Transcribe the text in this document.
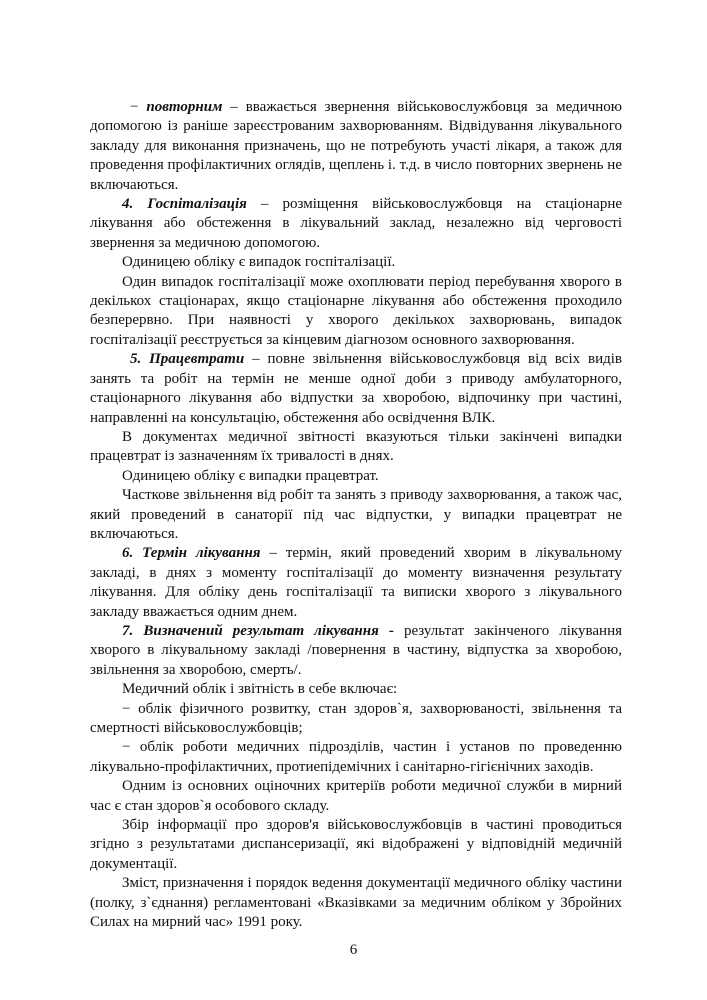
− повторним – вважається звернення військовослужбовця за медичною допомогою із раніше зареєстрованим захворюванням. Відвідування лікувального закладу для виконання призначень, що не потребують участі лікаря, а також для проведення профілактичних оглядів, щеплень і. т.д. в число повторних звернень не включаються.

4. Госпіталізація – розміщення військовослужбовця на стаціонарне лікування або обстеження в лікувальний заклад, незалежно від черговості звернення за медичною допомогою.

Одиницею обліку є випадок госпіталізації.

Один випадок госпіталізації може охоплювати період перебування хворого в декількох стаціонарах, якщо стаціонарне лікування або обстеження проходило безперервно. При наявності у хворого декількох захворювань, випадок госпіталізації реєструється за кінцевим діагнозом основного захворювання.

5. Працевтрати – повне звільнення військовослужбовця від всіх видів занять та робіт на термін не менше одної доби з приводу амбулаторного, стаціонарного лікування або відпустки за хворобою, відпочинку при частині, направленні на консультацію, обстеження або освідчення ВЛК.

В документах медичної звітності вказуються тільки закінчені випадки працевтрат із зазначенням їх тривалості в днях.

Одиницею обліку є випадки працевтрат.

Часткове звільнення від робіт та занять з приводу захворювання, а також час, який проведений в санаторії під час відпустки, у випадки працевтрат не включаються.

6. Термін лікування – термін, який проведений хворим в лікувальному закладі, в днях з моменту госпіталізації до моменту визначення результату лікування. Для обліку день госпіталізації та виписки хворого з лікувального закладу вважається одним днем.

7. Визначений результат лікування - результат закінченого лікування хворого в лікувальному закладі /повернення в частину, відпустка за хворобою, звільнення за хворобою, смерть/.

Медичний облік і звітність в себе включає:

− облік фізичного розвитку, стан здоров`я, захворюваності, звільнення та смертності військовослужбовців;

− облік роботи медичних підрозділів, частин і установ по проведенню лікувально-профілактичних, протиепідемічних і санітарно-гігієнічних заходів.

Одним із основних оціночних критеріїв роботи медичної служби в мирний час є стан здоров`я особового складу.

Збір інформації про здоров'я військовослужбовців в частині проводиться згідно з результатами диспансеризації, які відображені у відповідній медичній документації.

Зміст, призначення і порядок ведення документації медичного обліку частини (полку, з`єднання) регламентовані «Вказівками за медичним обліком у Збройних Силах на мирний час» 1991 року.

6
